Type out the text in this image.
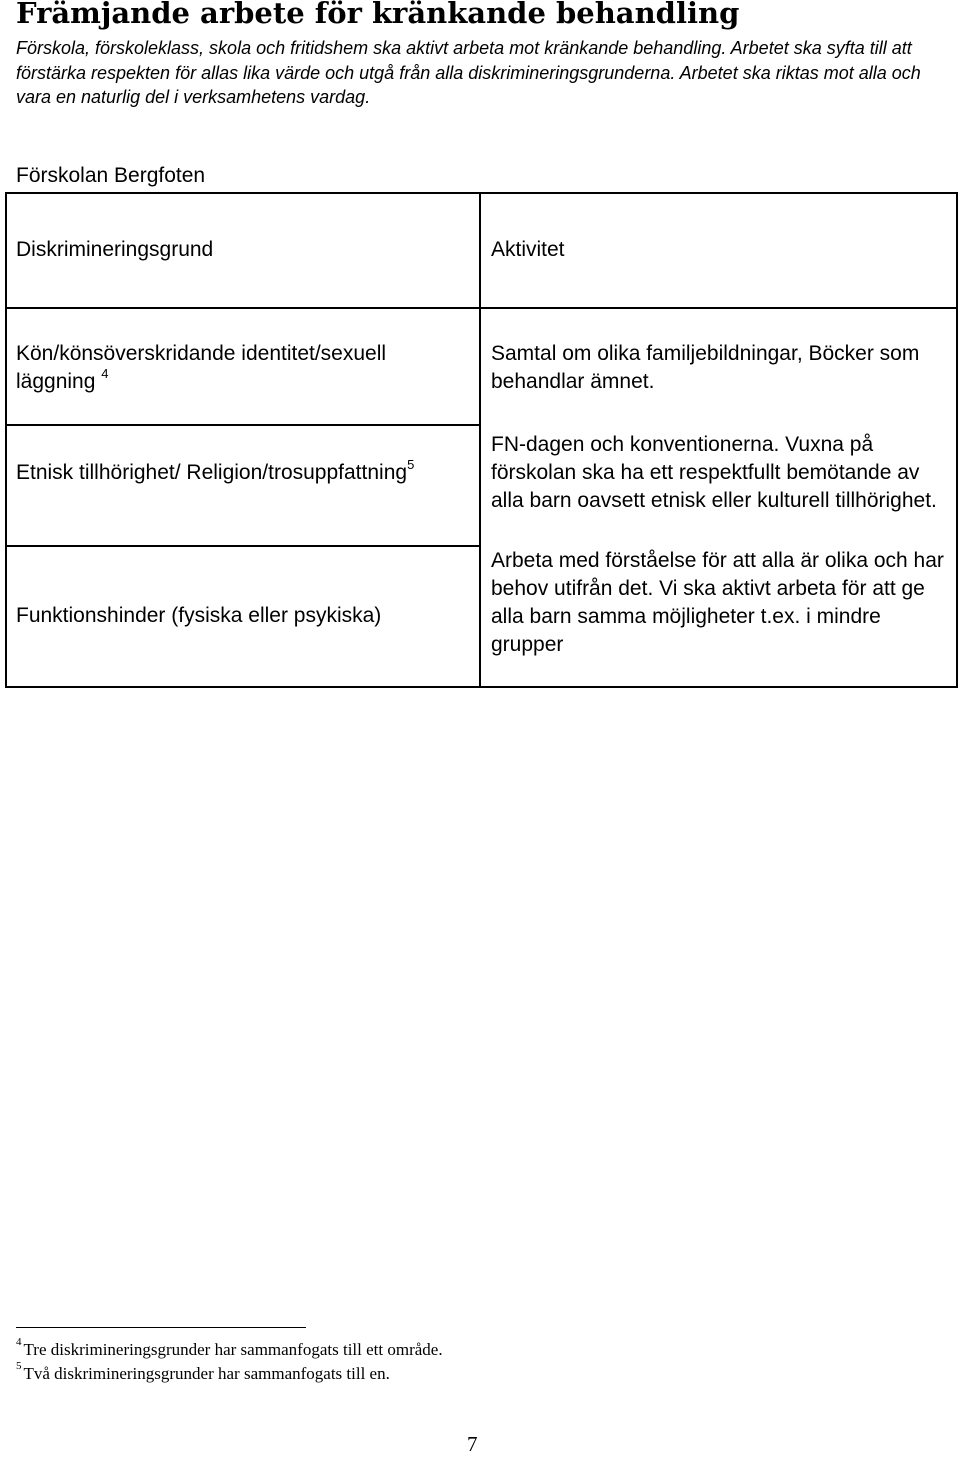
Främjande arbete för kränkande behandling

Förskola, förskoleklass, skola och fritidshem ska aktivt arbeta mot kränkande behandling. Arbetet ska syfta till att förstärka respekten för allas lika värde och utgå från alla diskrimineringsgrunderna. Arbetet ska riktas mot alla och vara en naturlig del i verksamhetens vardag.

Förskolan Bergfoten

Diskrimineringsgrund	Aktivitet

Kön/könsöverskridande identitet/sexuell läggning $^4$

Samtal om olika familjebildningar, Böcker som behandlar ämnet.

Etnisk tillhörighet/ Religion/trosuppfattning$^5$

FN-dagen och konventionerna. Vuxna på förskolan ska ha ett respektfullt bemötande av alla barn oavsett etnisk eller kulturell tillhörighet.

Funktionshinder (fysiska eller psykiska)

Arbeta med förståelse för att alla är olika och har behov utifrån det. Vi ska aktivt arbeta för att ge alla barn samma möjligheter t.ex. i mindre grupper

$^4$ Tre diskrimineringsgrunder har sammanfogats till ett område.

$^5$ Två diskrimineringsgrunder har sammanfogats till en.

7
